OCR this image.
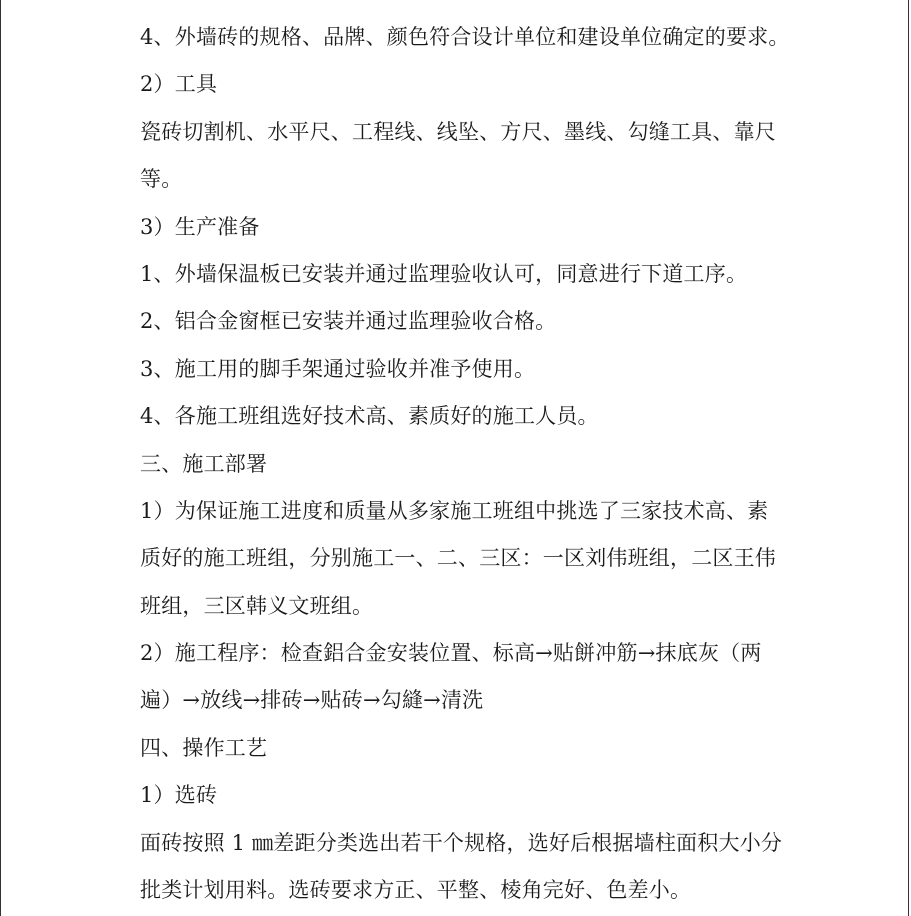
4、外墙砖的规格、品牌、颜色符合设计单位和建设单位确定的要求。
2）工具
瓷砖切割机、水平尺、工程线、线坠、方尺、墨线、勾缝工具、靠尺
等。
3）生产准备
1、外墙保温板已安装并通过监理验收认可，同意进行下道工序。
2、铝合金窗框已安装并通过监理验收合格。
3、施工用的脚手架通过验收并准予使用。
4、各施工班组选好技术高、素质好的施工人员。
三、施工部署
1）为保证施工进度和质量从多家施工班组中挑选了三家技术高、素
质好的施工班组，分别施工一、二、三区：一区刘伟班组，二区王伟
班组，三区韩义文班组。
2）施工程序：检查鋁合金安装位置、标高→贴餅冲筋→抹底灰（两
遍）→放线→排砖→贴砖→勾縫→清洗
四、操作工艺
1）选砖
面砖按照 1 ㎜差距分类选出若干个规格，选好后根据墙柱面积大小分
批类计划用料。选砖要求方正、平整、棱角完好、色差小。
